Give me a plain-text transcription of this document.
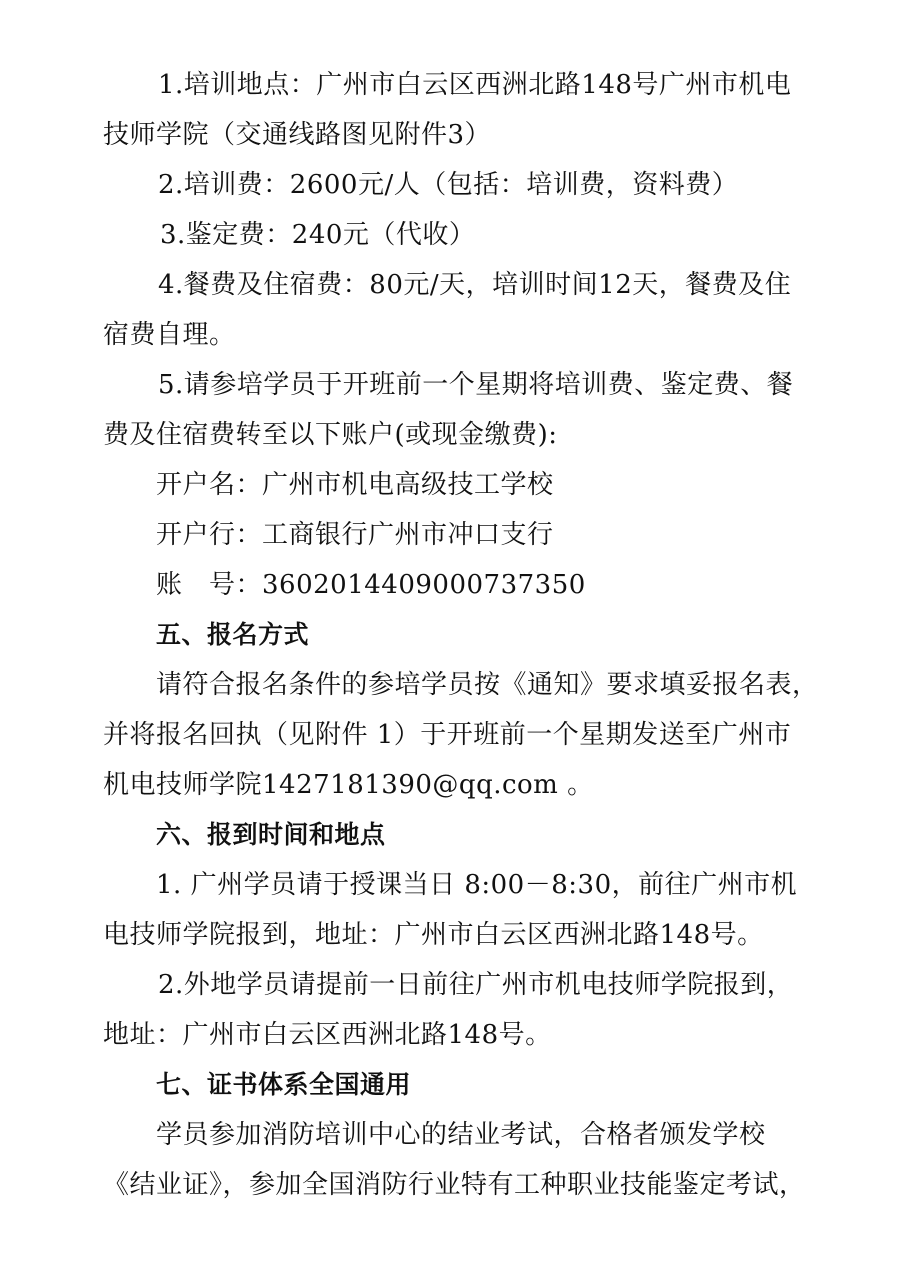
1.培训地点：广州市白云区西洲北路148号广州市机电
技师学院（交通线路图见附件3）
2.培训费：2600元/人（包括：培训费，资料费）
3.鉴定费：240元（代收）
4.餐费及住宿费：80元/天，培训时间12天，餐费及住
宿费自理。
5.请参培学员于开班前一个星期将培训费、鉴定费、餐
费及住宿费转至以下账户(或现金缴费):
开户名：广州市机电高级技工学校
开户行：工商银行广州市冲口支行
账　号：3602014409000737350
五、报名方式
请符合报名条件的参培学员按《通知》要求填妥报名表，
并将报名回执（见附件 1）于开班前一个星期发送至广州市
机电技师学院1427181390@qq.com 。
六、报到时间和地点
1. 广州学员请于授课当日 8:00－8:30，前往广州市机
电技师学院报到，地址：广州市白云区西洲北路148号。
2.外地学员请提前一日前往广州市机电技师学院报到，
地址：广州市白云区西洲北路148号。
七、证书体系全国通用
学员参加消防培训中心的结业考试，合格者颁发学校
《结业证》，参加全国消防行业特有工种职业技能鉴定考试，
